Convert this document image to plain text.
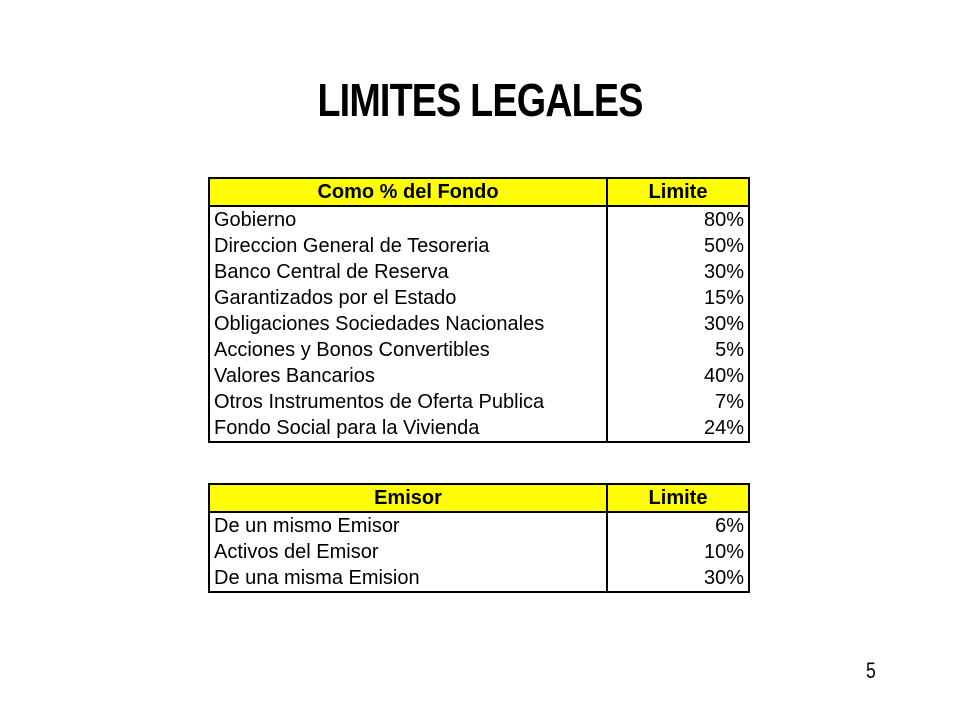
LIMITES LEGALES
Como % del Fondo	Limite
Gobierno	80%
Direccion General de Tesoreria	50%
Banco Central de Reserva	30%
Garantizados por el Estado	15%
Obligaciones Sociedades Nacionales	30%
Acciones y Bonos Convertibles	5%
Valores Bancarios	40%
Otros Instrumentos de Oferta Publica	7%
Fondo Social para la Vivienda	24%
Emisor	Limite
De un mismo Emisor	6%
Activos del Emisor	10%
De una misma Emision	30%
5
